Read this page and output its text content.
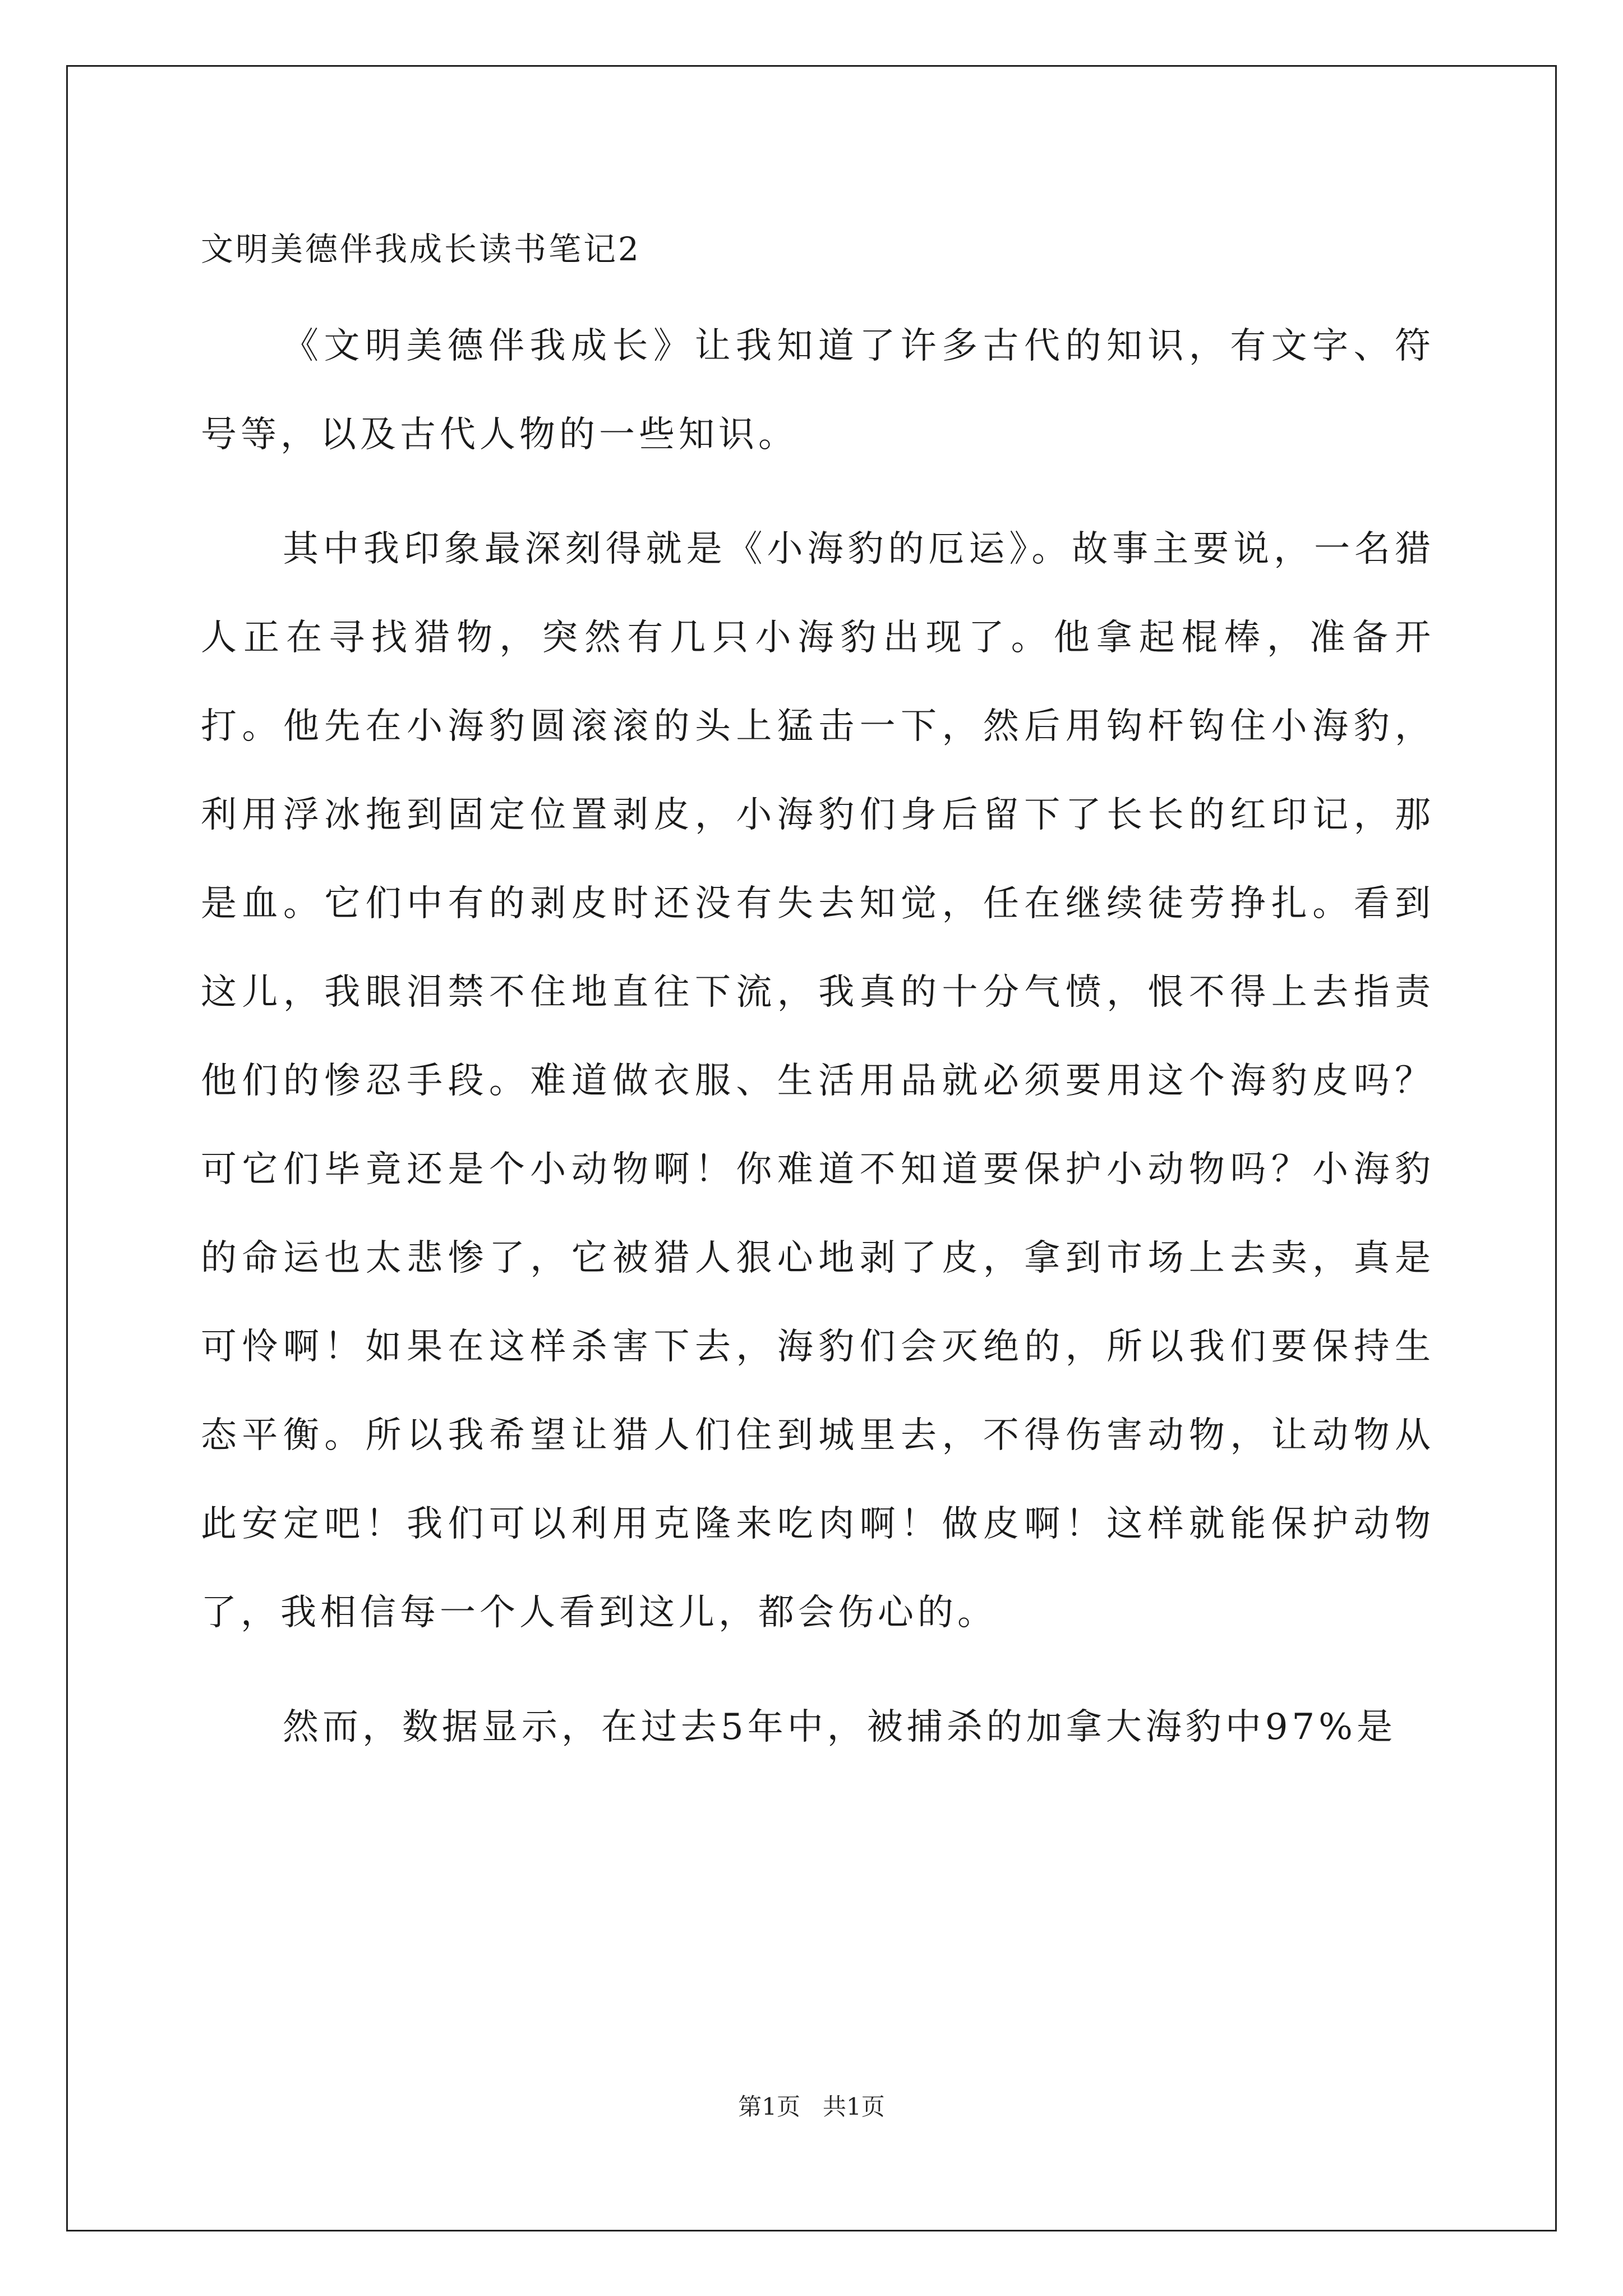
文明美德伴我成长读书笔记2

《文明美德伴我成长》让我知道了许多古代的知识，有文字、符号等，以及古代人物的一些知识。

其中我印象最深刻得就是《小海豹的厄运》。故事主要说，一名猎人正在寻找猎物，突然有几只小海豹出现了。他拿起棍棒，准备开打。他先在小海豹圆滚滚的头上猛击一下，然后用钩杆钩住小海豹，利用浮冰拖到固定位置剥皮，小海豹们身后留下了长长的红印记，那是血。它们中有的剥皮时还没有失去知觉，任在继续徒劳挣扎。看到这儿，我眼泪禁不住地直往下流，我真的十分气愤，恨不得上去指责他们的惨忍手段。难道做衣服、生活用品就必须要用这个海豹皮吗？可它们毕竟还是个小动物啊！你难道不知道要保护小动物吗？小海豹的命运也太悲惨了，它被猎人狠心地剥了皮，拿到市场上去卖，真是可怜啊！如果在这样杀害下去，海豹们会灭绝的，所以我们要保持生态平衡。所以我希望让猎人们住到城里去，不得伤害动物，让动物从此安定吧！我们可以利用克隆来吃肉啊！做皮啊！这样就能保护动物了，我相信每一个人看到这儿，都会伤心的。

然而，数据显示，在过去5年中，被捕杀的加拿大海豹中97%是

第1页   共1页
